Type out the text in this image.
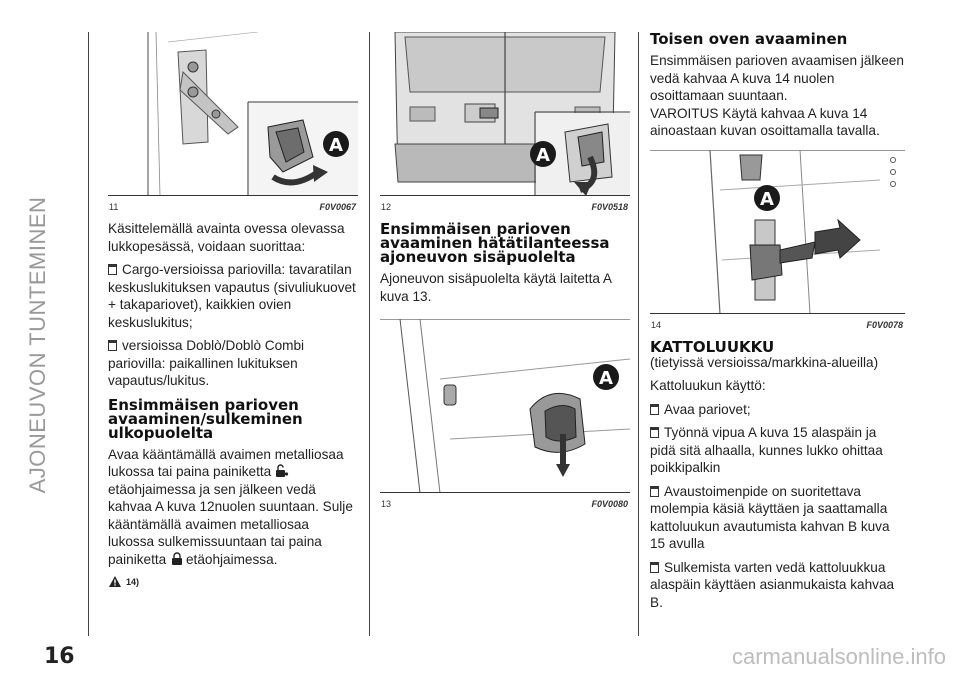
AJONEUVON TUNTEMINEN
16
A
11	F0V0067

Käsittelemällä avainta ovessa olevassa lukkopesässä, voidaan suorittaa:

Cargo-versioissa pariovilla: tavaratilan keskuslukituksen vapautus (sivuliukuovet + takapariovet), kaikkien ovien keskuslukitus;

versioissa Doblò/Doblò Combi pariovilla: paikallinen lukituksen vapautus/lukitus.

Ensimmäisen parioven avaaminen/sulkeminen ulkopuolelta

Avaa kääntämällä avaimen metalliosaa lukossa tai paina painiketta etäohjaimessa ja sen jälkeen vedä kahvaa A kuva 12nuolen suuntaan. Sulje kääntämällä avaimen metalliosaa lukossa sulkemissuuntaan tai paina painiketta etäohjaimessa.

14)
A
12	F0V0518
Ensimmäisen parioven avaaminen hätätilanteessa ajoneuvon sisäpuolelta

Ajoneuvon sisäpuolelta käytä laitetta A kuva 13.

A
13	F0V0080
Toisen oven avaaminen

Ensimmäisen parioven avaamisen jälkeen vedä kahvaa A kuva 14 nuolen osoittamaan suuntaan.

VAROITUS Käytä kahvaa A kuva 14 ainoastaan kuvan osoittamalla tavalla.

A
14	F0V0078
KATTOLUUKKU

(tietyissä versioissa/markkina-alueilla)

Kattoluukun käyttö:

Avaa pariovet;

Työnnä vipua A kuva 15 alaspäin ja pidä sitä alhaalla, kunnes lukko ohittaa poikkipalkin

Avaustoimenpide on suoritettava molempia käsiä käyttäen ja saattamalla kattoluukun avautumista kahvan B kuva 15 avulla

Sulkemista varten vedä kattoluukkua alaspäin käyttäen asianmukaista kahvaa B.

carmanualsonline.info
